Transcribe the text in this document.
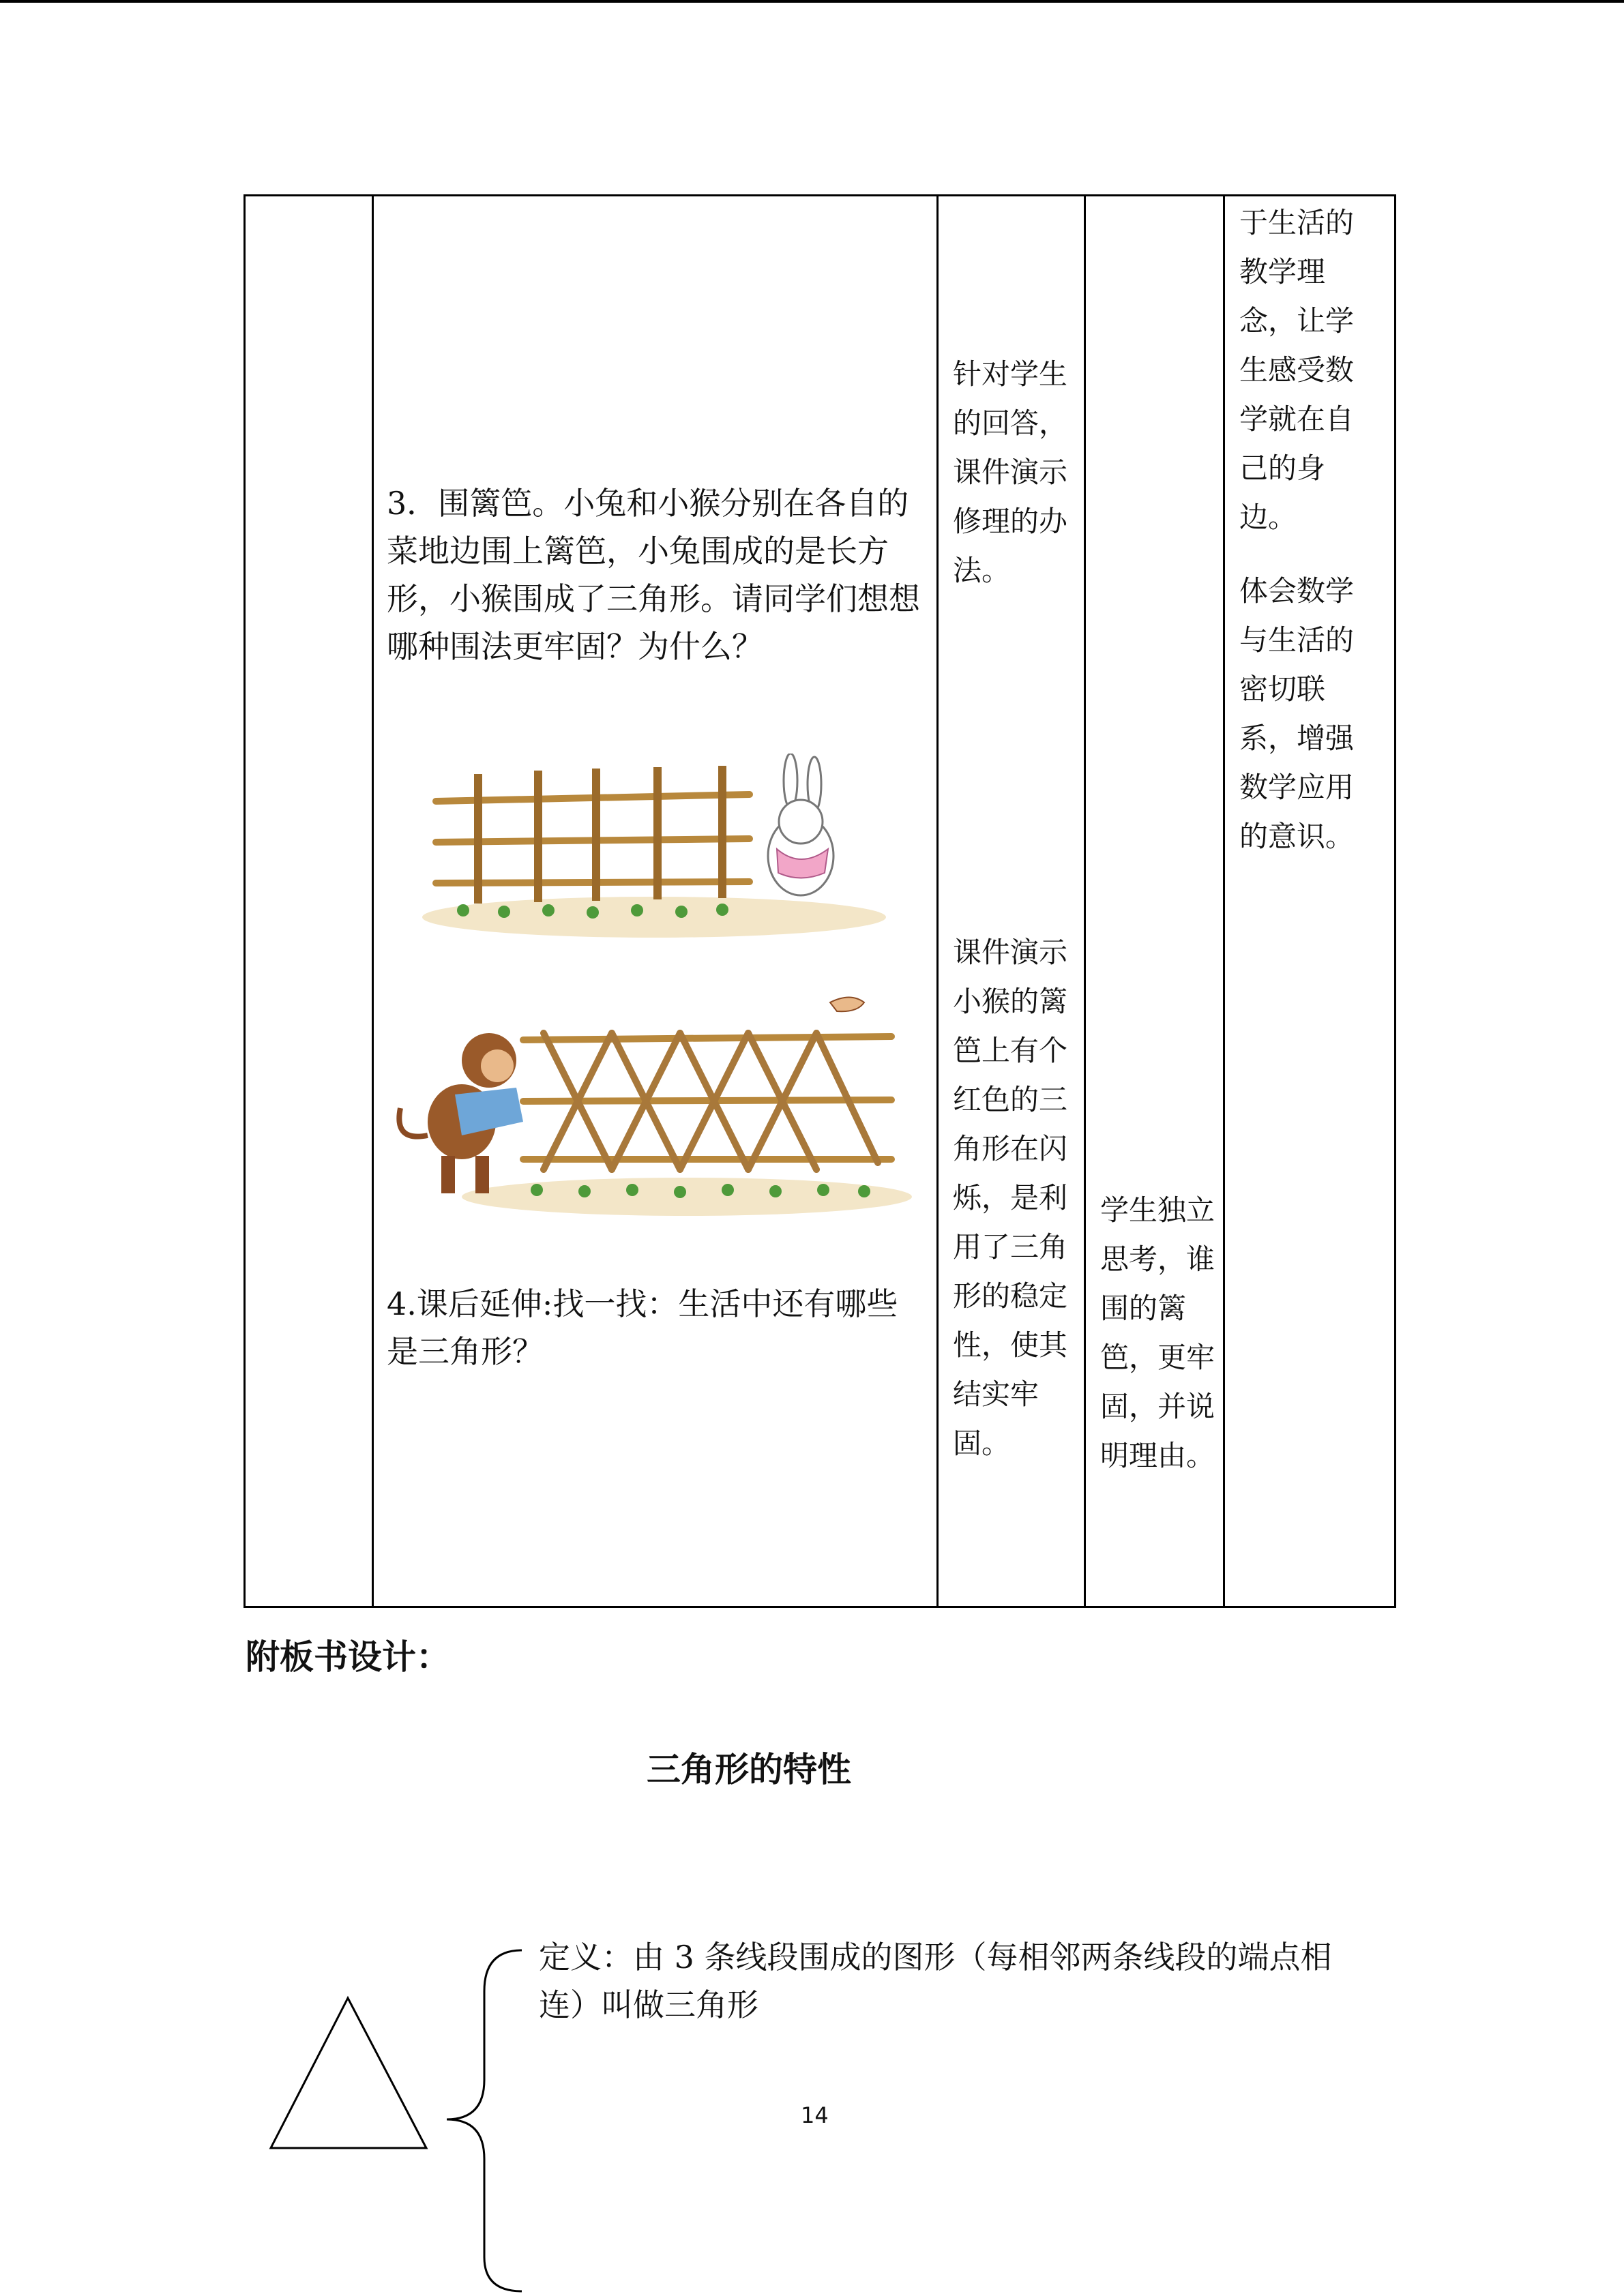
3．围篱笆。小兔和小猴分别在各自的菜地边围上篱笆，小兔围成的是长方形，小猴围成了三角形。请同学们想想哪种围法更牢固？为什么？
4.课后延伸:找一找：生活中还有哪些是三角形？
针对学生的回答，课件演示修理的办法。
课件演示小猴的篱笆上有个红色的三角形在闪烁，是利用了三角形的稳定性，使其结实牢固。
学生独立思考，谁围的篱笆，更牢固，并说明理由。
于生活的教学理念，让学生感受数学就在自己的身边。
体会数学与生活的密切联系，增强数学应用的意识。
附板书设计：
三角形的特性
定义：由 3 条线段围成的图形（每相邻两条线段的端点相连）叫做三角形
14
